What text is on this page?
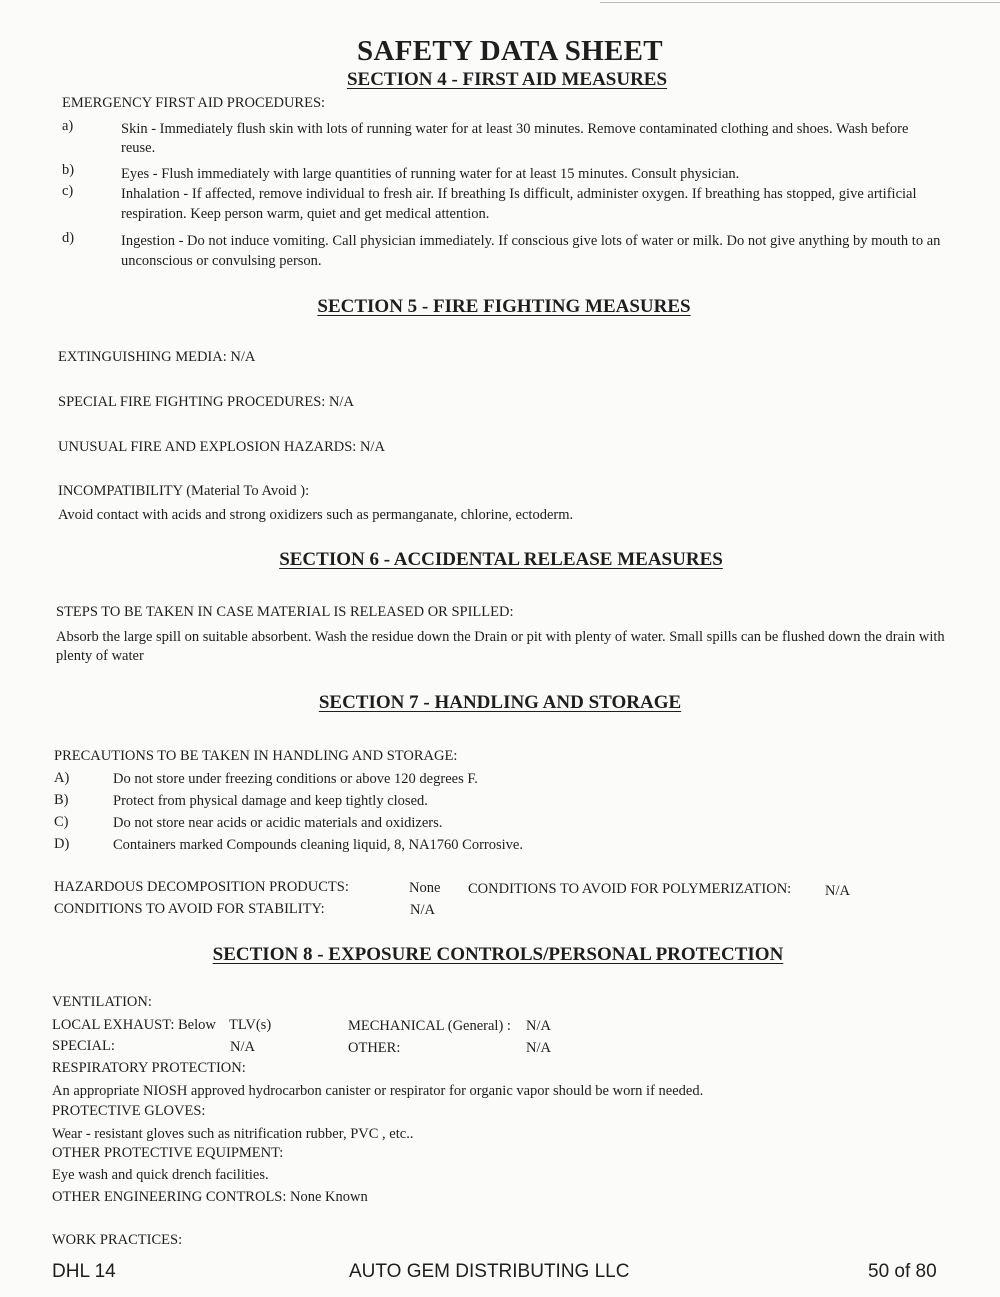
SAFETY DATA SHEET
SECTION 4 - FIRST AID MEASURES
EMERGENCY FIRST AID PROCEDURES:
a)	Skin - Immediately flush skin with lots of running water for at least 30 minutes. Remove contaminated clothing and shoes. Wash before reuse.
b)	Eyes - Flush immediately with large quantities of running water for at least 15 minutes. Consult physician.
c)	Inhalation - If affected, remove individual to fresh air. If breathing Is difficult, administer oxygen. If breathing has stopped, give artificial respiration. Keep person warm, quiet and get medical attention.
d)	Ingestion - Do not induce vomiting. Call physician immediately. If conscious give lots of water or milk. Do not give anything by mouth to an unconscious or convulsing person.
SECTION 5 - FIRE FIGHTING MEASURES
EXTINGUISHING MEDIA: N/A
SPECIAL FIRE FIGHTING PROCEDURES: N/A
UNUSUAL FIRE AND EXPLOSION HAZARDS: N/A
INCOMPATIBILITY (Material To Avoid ):
Avoid contact with acids and strong oxidizers such as permanganate, chlorine, ectoderm.
SECTION 6 - ACCIDENTAL RELEASE MEASURES
STEPS TO BE TAKEN IN CASE MATERIAL IS RELEASED OR SPILLED:
Absorb the large spill on suitable absorbent. Wash the residue down the Drain or pit with plenty of water. Small spills can be flushed down the drain with plenty of water
SECTION 7 - HANDLING AND STORAGE
PRECAUTIONS TO BE TAKEN IN HANDLING AND STORAGE:
A)	Do not store under freezing conditions or above 120 degrees F.
B)	Protect from physical damage and keep tightly closed.
C)	Do not store near acids or acidic materials and oxidizers.
D)	Containers marked Compounds cleaning liquid, 8, NA1760 Corrosive.
HAZARDOUS DECOMPOSITION PRODUCTS:	None CONDITIONS TO AVOID FOR POLYMERIZATION: N/A
CONDITIONS TO AVOID FOR STABILITY:	N/A
SECTION 8 - EXPOSURE CONTROLS/PERSONAL PROTECTION
VENTILATION:
LOCAL EXHAUST: Below TLV(s)	MECHANICAL (General) : N/A
SPECIAL:	N/A	OTHER:	N/A
RESPIRATORY PROTECTION:
An appropriate NIOSH approved hydrocarbon canister or respirator for organic vapor should be worn if needed.
PROTECTIVE GLOVES:
Wear - resistant gloves such as nitrification rubber, PVC , etc..
OTHER PROTECTIVE EQUIPMENT:
Eye wash and quick drench facilities.
OTHER ENGINEERING CONTROLS: None Known
WORK PRACTICES:
DHL 14	AUTO GEM DISTRIBUTING LLC	50 of 80
